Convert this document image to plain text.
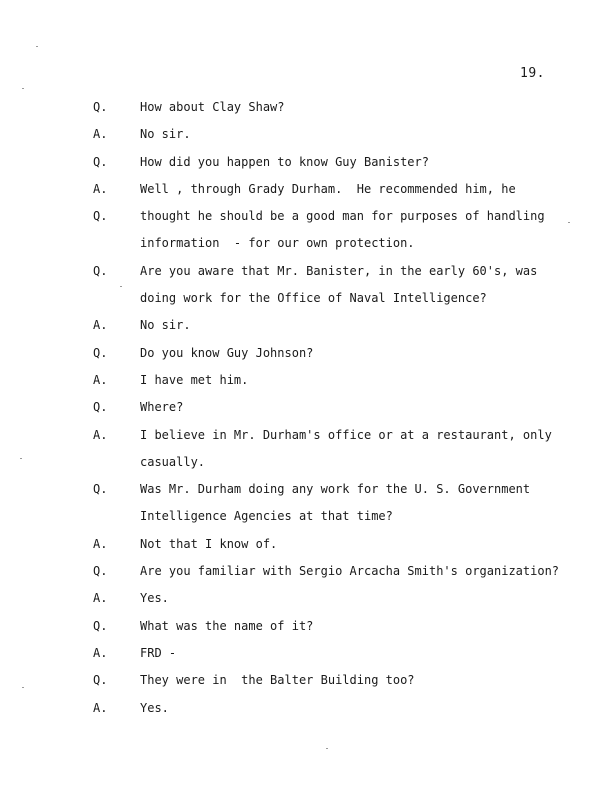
19.
Q.	How about Clay Shaw?
A.	No sir.
Q.	How did you happen to know Guy Banister?
A.	Well , through Grady Durham.  He recommended him, he
Q.	thought he should be a good man for purposes of handling
information  - for our own protection.
Q.	Are you aware that Mr. Banister, in the early 60's, was
doing work for the Office of Naval Intelligence?
A.	No sir.
Q.	Do you know Guy Johnson?
A.	I have met him.
Q.	Where?
A.	I believe in Mr. Durham's office or at a restaurant, only
casually.
Q.	Was Mr. Durham doing any work for the U. S. Government
Intelligence Agencies at that time?
A.	Not that I know of.
Q.	Are you familiar with Sergio Arcacha Smith's organization?
A.	Yes.
Q.	What was the name of it?
A.	FRD -
Q.	They were in  the Balter Building too?
A.	Yes.
